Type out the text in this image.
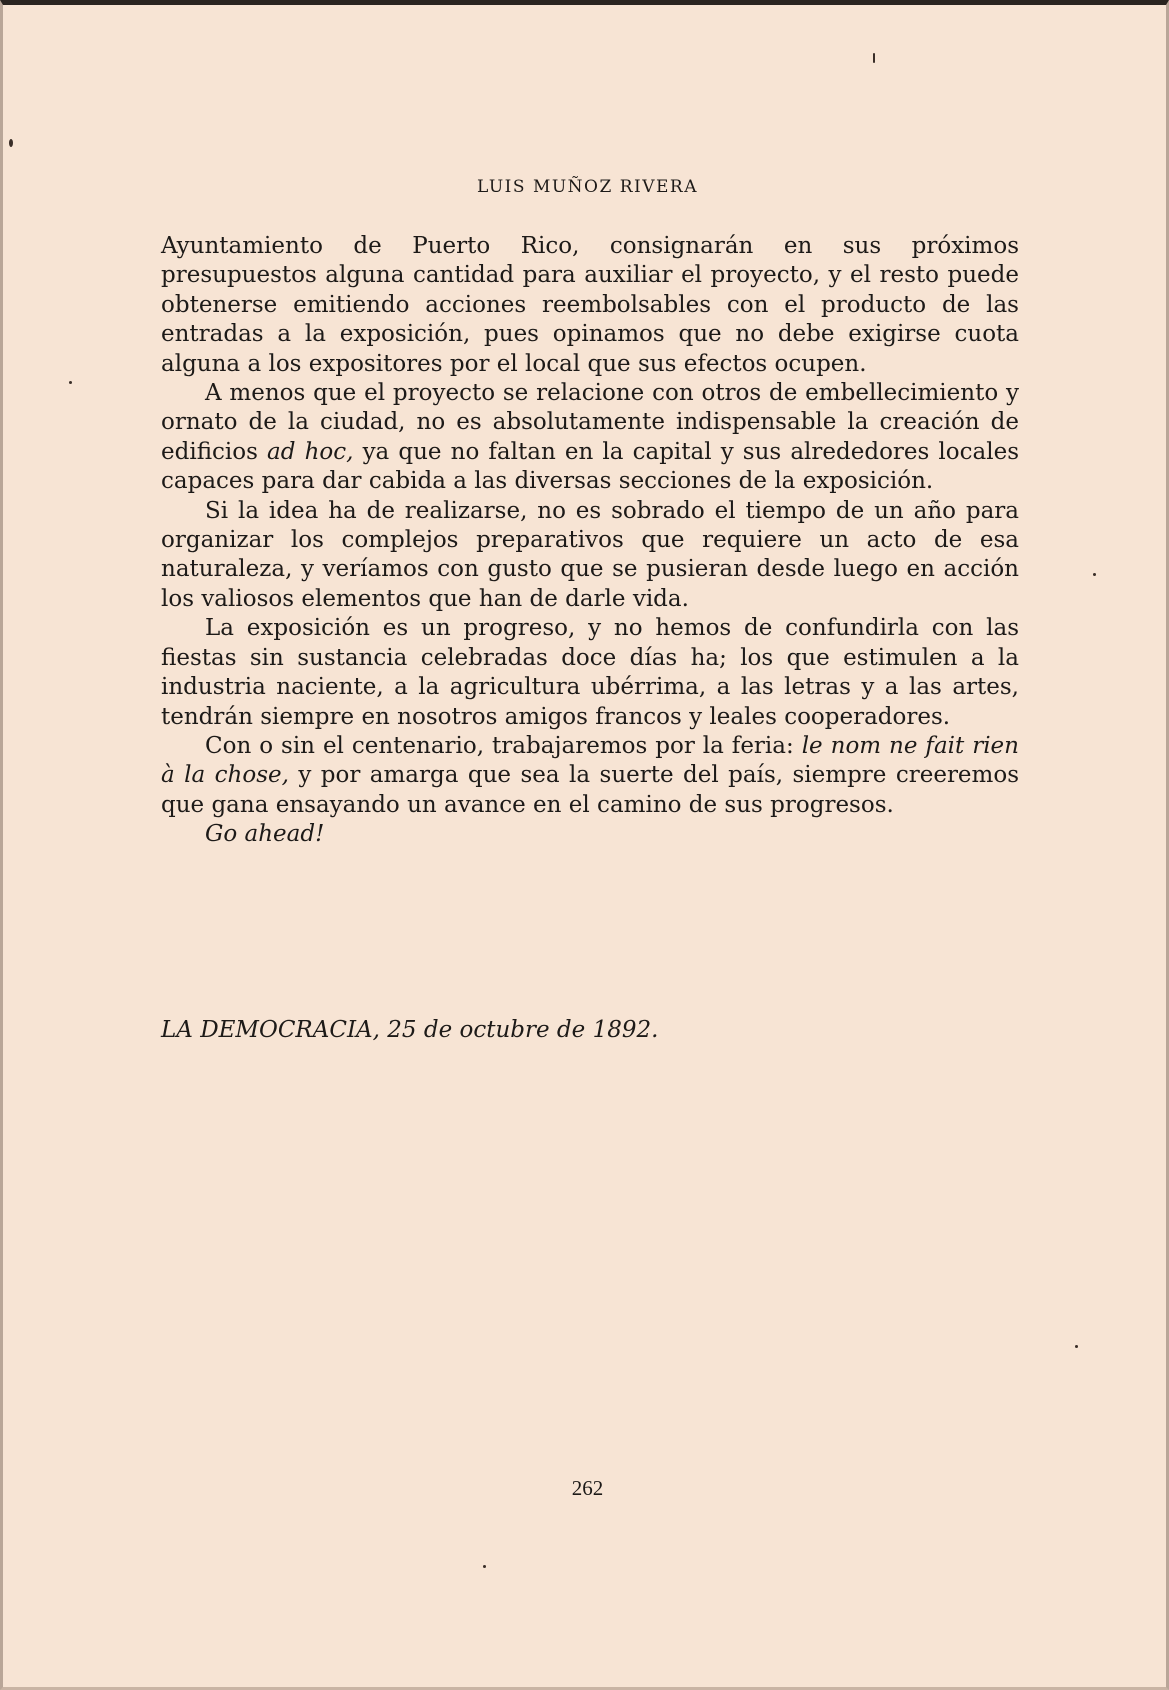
LUIS MUÑOZ RIVERA

Ayuntamiento de Puerto Rico, consignarán en sus próximos presupuestos alguna cantidad para auxiliar el proyecto, y el resto puede obtenerse emitiendo acciones reembolsables con el producto de las entradas a la exposición, pues opinamos que no debe exigirse cuota alguna a los expositores por el local que sus efectos ocupen.

A menos que el proyecto se relacione con otros de embellecimiento y ornato de la ciudad, no es absolutamente indispensable la creación de edificios ad hoc, ya que no faltan en la capital y sus alrededores locales capaces para dar cabida a las diversas secciones de la exposición.

Si la idea ha de realizarse, no es sobrado el tiempo de un año para organizar los complejos preparativos que requiere un acto de esa naturaleza, y veríamos con gusto que se pusieran desde luego en acción los valiosos elementos que han de darle vida.

La exposición es un progreso, y no hemos de confundirla con las fiestas sin sustancia celebradas doce días ha; los que estimulen a la industria naciente, a la agricultura ubérrima, a las letras y a las artes, tendrán siempre en nosotros amigos francos y leales cooperadores.

Con o sin el centenario, trabajaremos por la feria: le nom ne fait rien à la chose, y por amarga que sea la suerte del país, siempre creeremos que gana ensayando un avance en el camino de sus progresos.

Go ahead!

LA DEMOCRACIA, 25 de octubre de 1892.
262
